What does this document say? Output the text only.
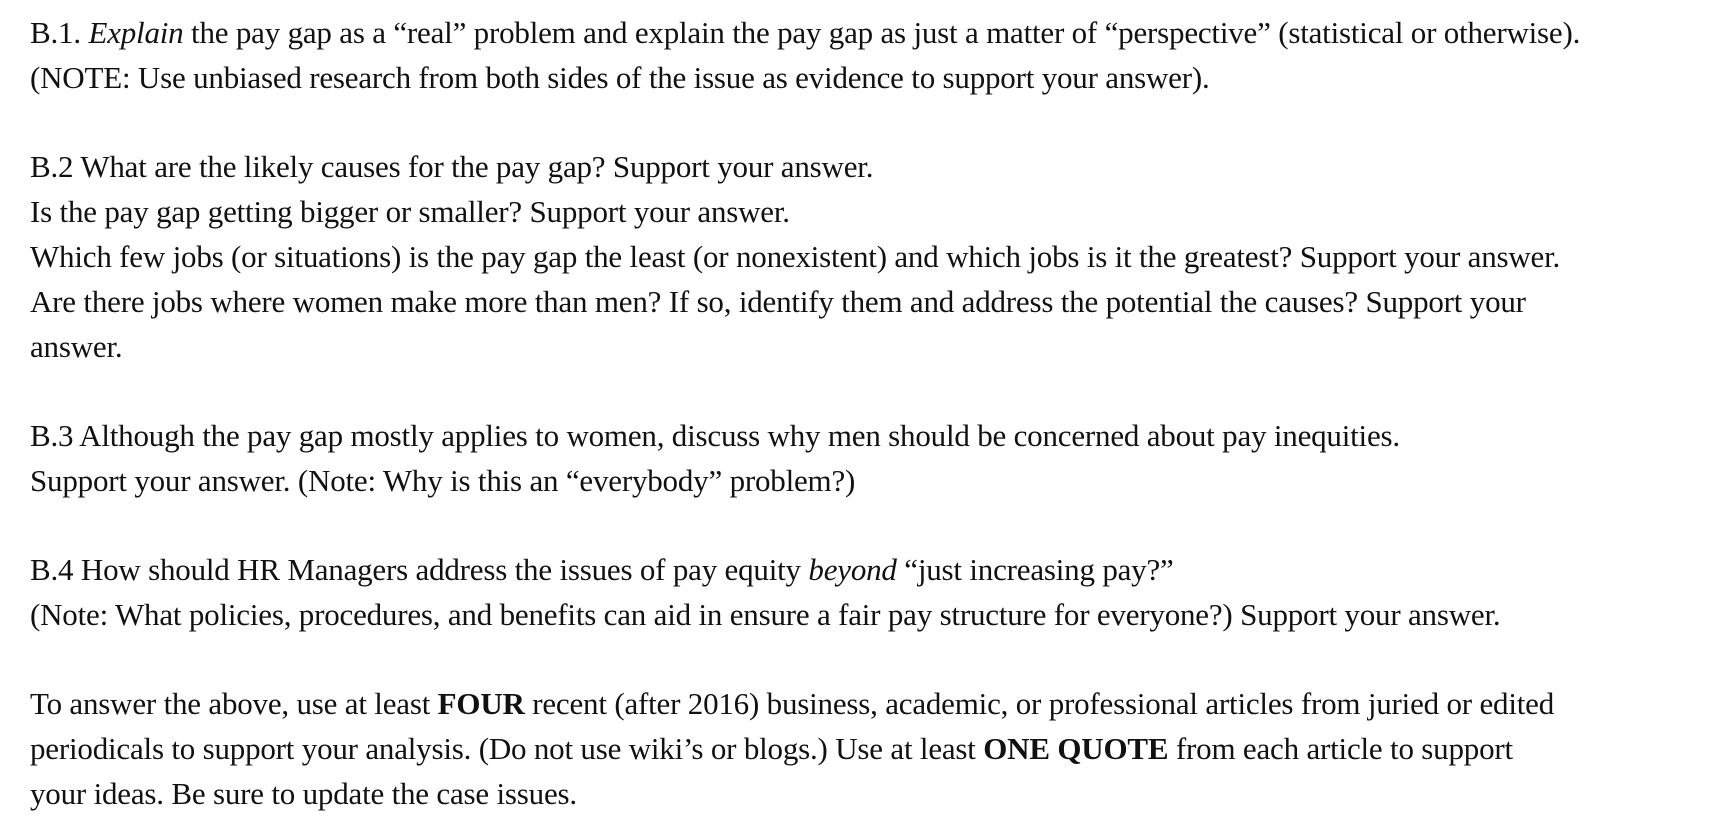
B.1. Explain the pay gap as a “real” problem and explain the pay gap as just a matter of “perspective” (statistical or otherwise).
(NOTE: Use unbiased research from both sides of the issue as evidence to support your answer).
B.2 What are the likely causes for the pay gap? Support your answer.
Is the pay gap getting bigger or smaller? Support your answer.
Which few jobs (or situations) is the pay gap the least (or nonexistent) and which jobs is it the greatest? Support your answer.
Are there jobs where women make more than men? If so, identify them and address the potential the causes? Support your
answer.
B.3 Although the pay gap mostly applies to women, discuss why men should be concerned about pay inequities.
Support your answer. (Note: Why is this an “everybody” problem?)
B.4 How should HR Managers address the issues of pay equity beyond “just increasing pay?”
(Note: What policies, procedures, and benefits can aid in ensure a fair pay structure for everyone?) Support your answer.
To answer the above, use at least FOUR recent (after 2016) business, academic, or professional articles from juried or edited
periodicals to support your analysis. (Do not use wiki’s or blogs.) Use at least ONE QUOTE from each article to support
your ideas. Be sure to update the case issues.
